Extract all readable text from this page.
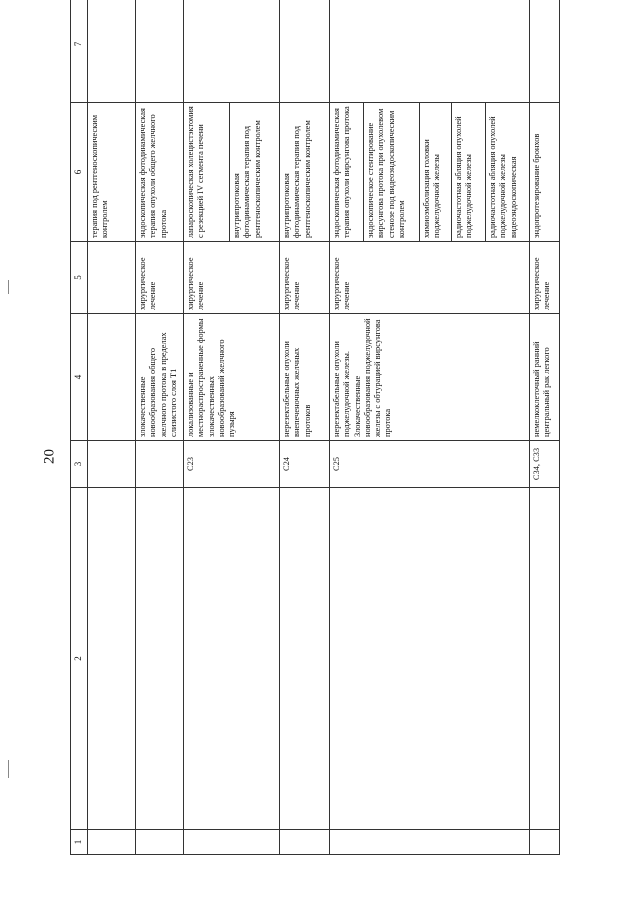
20
1	2	3	4	5	6	7
					терапия под рентгеноскопическим контролем	
			злокачественные новообразования общего желчного протока в пределах слизистого слоя T1	хирургическое лечение	эндоскопическая фотодинамическая терапия опухоли общего желчного протока	
		C23	локализованные и местнораспространенные формы злокачественных новообразований желчного пузыря	хирургическое лечение	лапароскопическая холецистэктомия с резекцией IV сегмента печени	
					внутрипротоковая фотодинамическая терапия под рентгеноскопическим контролем	
		C24	нерезектабельные опухоли внепеченочных желчных протоков	хирургическое лечение	внутрипротоковая фотодинамическая терапия под рентгеноскопическим контролем	
		C25	нерезектабельные опухоли поджелудочной железы. Злокачественные новообразования поджелудочной железы с обтурацией вирсунгова протока	хирургическое лечение	эндоскопическая фотодинамическая терапия опухоли вирсунгова протока	
					эндоскопическое стентирование вирсунгова протока при опухолевом стенозе под видеоэндоскопическим контролем	
					химиоэмболизация головки поджелудочной железы	
					радиочастотная абляция опухолей поджелудочной железы	
					радиочастотная абляция опухолей поджелудочной железы видеоэндоскопическая	
		C34, C33	немелкоклеточный ранний центральный рак легкого	хирургическое лечение	эндопротезирование бронхов	
